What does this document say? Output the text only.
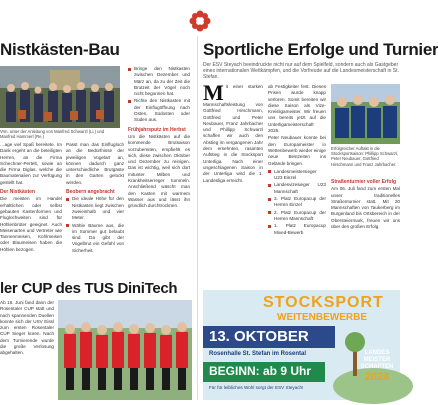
Nistkästen-Bau
Vrm. unter der Anleitung von Manfred Schwarzl (Li.) und Manfred Hammerl (Re.)

…age viel Spaß bereitete. Im Dank ergeht an die beteiligten Herren, an die Firma Schechner-Pertelt, sowie an die Firma Diglas, welche die Baumaterialien zur Verfügung gestellt hat.

Der Nistkästen

Die meisten im Handel erhältlichen oder selbst gebauten Kastenformen und Fluglochweiten sind für Höhlenbrüter geeignet. Auch Meisenarten und Vertreter wie Tannenmeisen, Kohlmeisen oder Blaumeisen haben die Höhlen bezogen.

Passt man das Einflugloch an die Bedürfnisse der jeweiligen Vogelart an, können dadurch ganz unterschiedliche Brutgäste in den Garten gelockt werden.

Beobern angebracht
Die ideale Höhe für den Nistkasten liegt zwischen zweieinhalb und vier Meter.
Wähle Bäume aus, die im Sommer gut belaubt sind. Da gibt der Vogelbrut ein Gefühl von Sicherheit.
Bringe den Nistkasten zwischen Dezember und März an, da zu der Zeit die Brutzeit der Vögel noch nicht begonnen hat.
Richte den Nistkasten mit der Einflugöffnung nach Osten, Südosten oder Süden aus.
Frühjahrsputz im Herbst

Um die Nistkästen auf die kommende Brutsaison vorzubereiten, empfiehlt es sich, diese zwischen Oktober und Dezember zu reinigen. Das ist wichtig, weil sich dort mitunter Milben und Krankheitserreger tummeln. Anschließend wäscht man den Kasten mit warmem Wasser aus und lässt ihn gründlich durchtrocknen.

ler CUP des TUS DiniTech
Ab 16. Juni fand dann der Rosentaler CUP statt und nach spannenden Duellen konnte sich der USV Eissl zum ersten Rosentaler CUP Sieger küren. Nach dem Turnierende wurde die große Verlosung abgehalten.
Sportliche Erfolge und Turnier
Der ESV Steyach beeindruckte nicht nur auf dem Spielfeld, sondern auch als Gastgeber eines internationalen Wettkämpfen, und die Vorfreude auf die Landesmeisterschaft in St. Stefan.
M it einer starken Mannschaftsleistung von Gottfried Hirschmann, Gottfried und Peter Neubauer, Franz Jahrbacher und Phillipp Schwarzl schaffen wir auch den Abstieg im vergangenen Jahr dem ersehnten, rasanten Aufstieg in die Stocksport Unterliga. Nach einer ungeschlagenen Saison in der Unterliga wird die 1. Landesliga erreicht.

ab Festigkeiter fest. Dieses Prisen wurde knapp verloren. Somit bereiten wir diese Saison als Vize-Kreisligameister. Wir freuen uns bereits jetzt auf die Unterligameisterschaft 2025.

Peter Neubauer konnte bei den Europameister in Wettenbewerb wieder einige neue Bestzeiten ins Gelände bringen.

Landesmeistersieger U23 Einzel
Landesvizesieger U23 Mannschaft
3. Platz Europacup der Herren Einzel
2. Platz Europacup der Herren Mannschaft
1. Platz Europacup Mixed-Bewerb
Erfolgreicher Auftakt in die Stocksportsaison: Phillipp Schwarzl, Peter Neubauer, Gottfried Hirschmann und Franz Jahrbacher.
Straßenturnier voller Erfolg

Am 06. Juli fand zum ersten Mal unser traditionelles Straßenturnier statt. Mit 20 Mannschaften von Taukerberg im Burgenland bis Ortsbereich in der Obersteiermark, freuen wir uns über den großen Erfolg.

STOCKSPORT
WEITENBEWERBE
13. OKTOBER
Rosenhalle St. Stefan im Rosental
BEGINN: ab 9 Uhr
Für für leibliches Wohl sorgt der ESV Steyach!
LANDES
MEISTER
SCHAFTEN
2024
